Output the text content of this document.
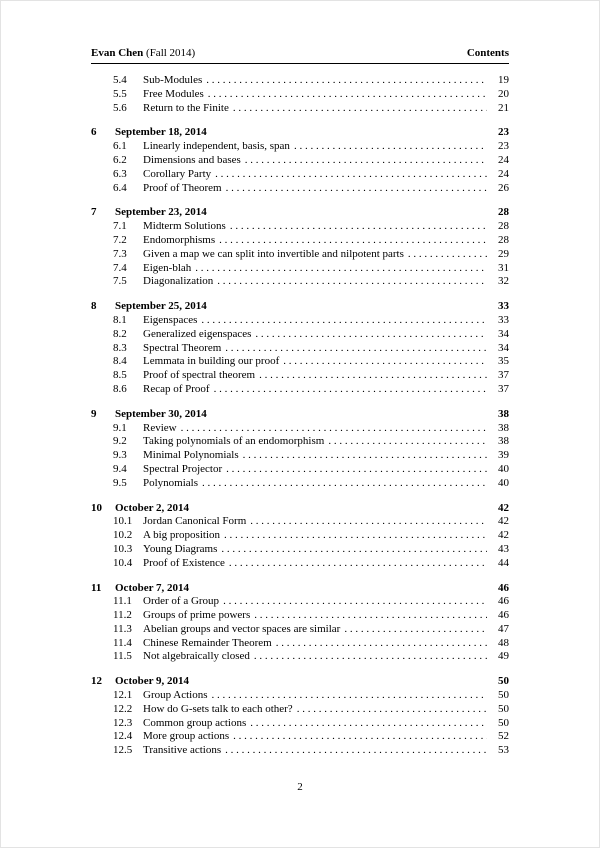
Evan Chen (Fall 2014)	Contents
5.4	Sub-Modules . . .	19
5.5	Free Modules . . .	20
5.6	Return to the Finite . . .	21
6	September 18, 2014	23
6.1	Linearly independent, basis, span . . .	23
6.2	Dimensions and bases . . .	24
6.3	Corollary Party . . .	24
6.4	Proof of Theorem . . .	26
7	September 23, 2014	28
7.1	Midterm Solutions . . .	28
7.2	Endomorphisms . . .	28
7.3	Given a map we can split into invertible and nilpotent parts . . .	29
7.4	Eigen-blah . . .	31
7.5	Diagonalization . . .	32
8	September 25, 2014	33
8.1	Eigenspaces . . .	33
8.2	Generalized eigenspaces . . .	34
8.3	Spectral Theorem . . .	34
8.4	Lemmata in building our proof . . .	35
8.5	Proof of spectral theorem . . .	37
8.6	Recap of Proof . . .	37
9	September 30, 2014	38
9.1	Review . . .	38
9.2	Taking polynomials of an endomorphism . . .	38
9.3	Minimal Polynomials . . .	39
9.4	Spectral Projector . . .	40
9.5	Polynomials . . .	40
10	October 2, 2014	42
10.1 Jordan Canonical Form . . .	42
10.2 A big proposition . . .	42
10.3 Young Diagrams . . .	43
10.4 Proof of Existence . . .	44
11	October 7, 2014	46
11.1	Order of a Group . . .	46
11.2	Groups of prime powers . . .	46
11.3	Abelian groups and vector spaces are similar . . .	47
11.4	Chinese Remainder Theorem . . .	48
11.5	Not algebraically closed . . .	49
12	October 9, 2014	50
12.1 Group Actions . . .	50
12.2 How do G-sets talk to each other? . . .	50
12.3 Common group actions . . .	50
12.4 More group actions . . .	52
12.5 Transitive actions . . .	53
2
